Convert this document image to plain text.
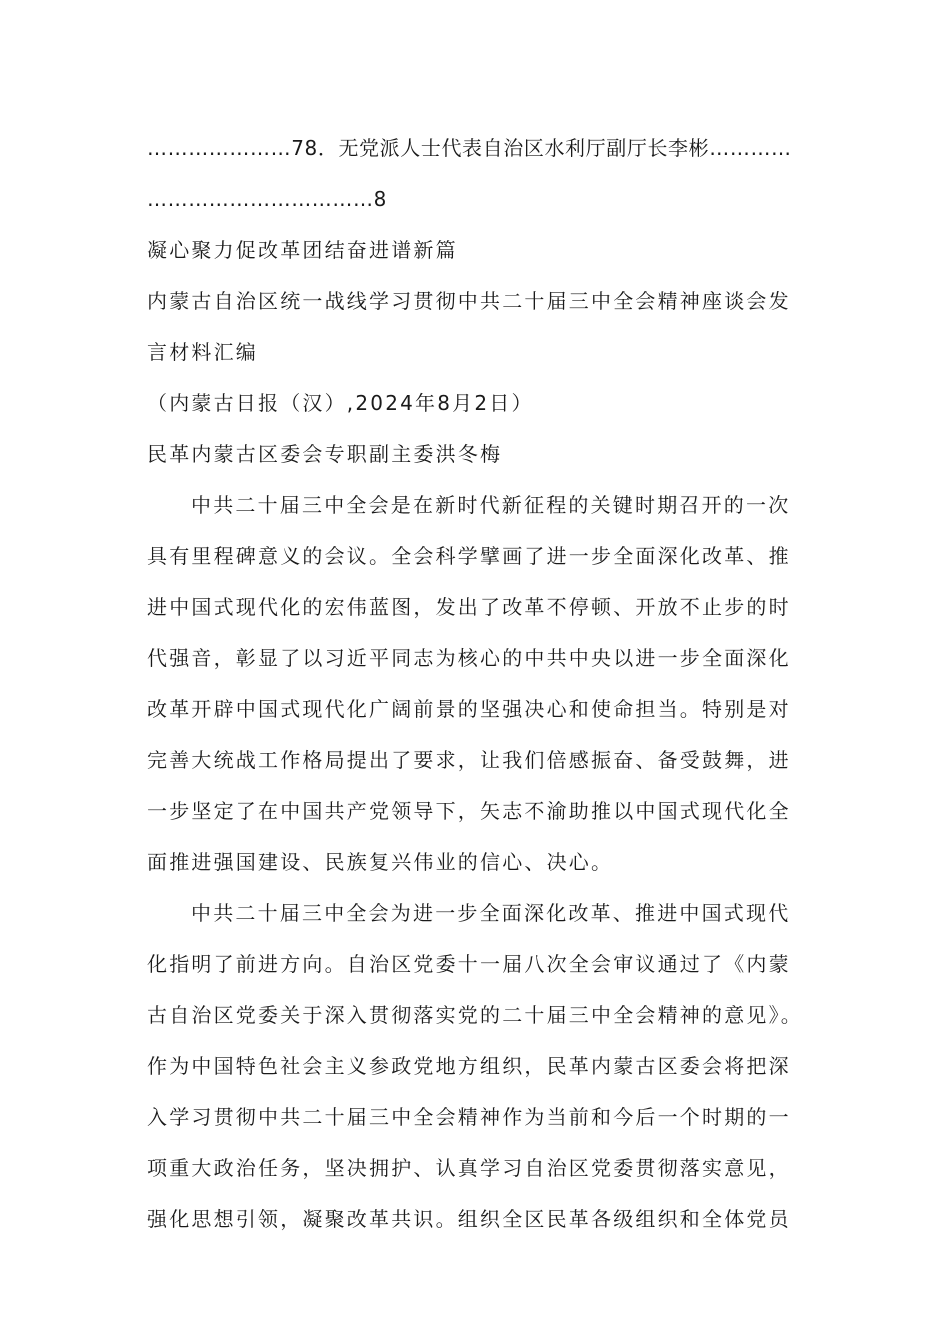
…………………78．无党派人士代表自治区水利厅副厅长李彬…………
……………………………8
凝心聚力促改革团结奋进谱新篇
内蒙古自治区统一战线学习贯彻中共二十届三中全会精神座谈会发
言材料汇编
（内蒙古日报（汉）,2024年8月2日）
民革内蒙古区委会专职副主委洪冬梅
中共二十届三中全会是在新时代新征程的关键时期召开的一次
具有里程碑意义的会议。全会科学擘画了进一步全面深化改革、推
进中国式现代化的宏伟蓝图，发出了改革不停顿、开放不止步的时
代强音，彰显了以习近平同志为核心的中共中央以进一步全面深化
改革开辟中国式现代化广阔前景的坚强决心和使命担当。特别是对
完善大统战工作格局提出了要求，让我们倍感振奋、备受鼓舞，进
一步坚定了在中国共产党领导下，矢志不渝助推以中国式现代化全
面推进强国建设、民族复兴伟业的信心、决心。
中共二十届三中全会为进一步全面深化改革、推进中国式现代
化指明了前进方向。自治区党委十一届八次全会审议通过了《内蒙
古自治区党委关于深入贯彻落实党的二十届三中全会精神的意见》。
作为中国特色社会主义参政党地方组织，民革内蒙古区委会将把深
入学习贯彻中共二十届三中全会精神作为当前和今后一个时期的一
项重大政治任务，坚决拥护、认真学习自治区党委贯彻落实意见，
强化思想引领，凝聚改革共识。组织全区民革各级组织和全体党员
